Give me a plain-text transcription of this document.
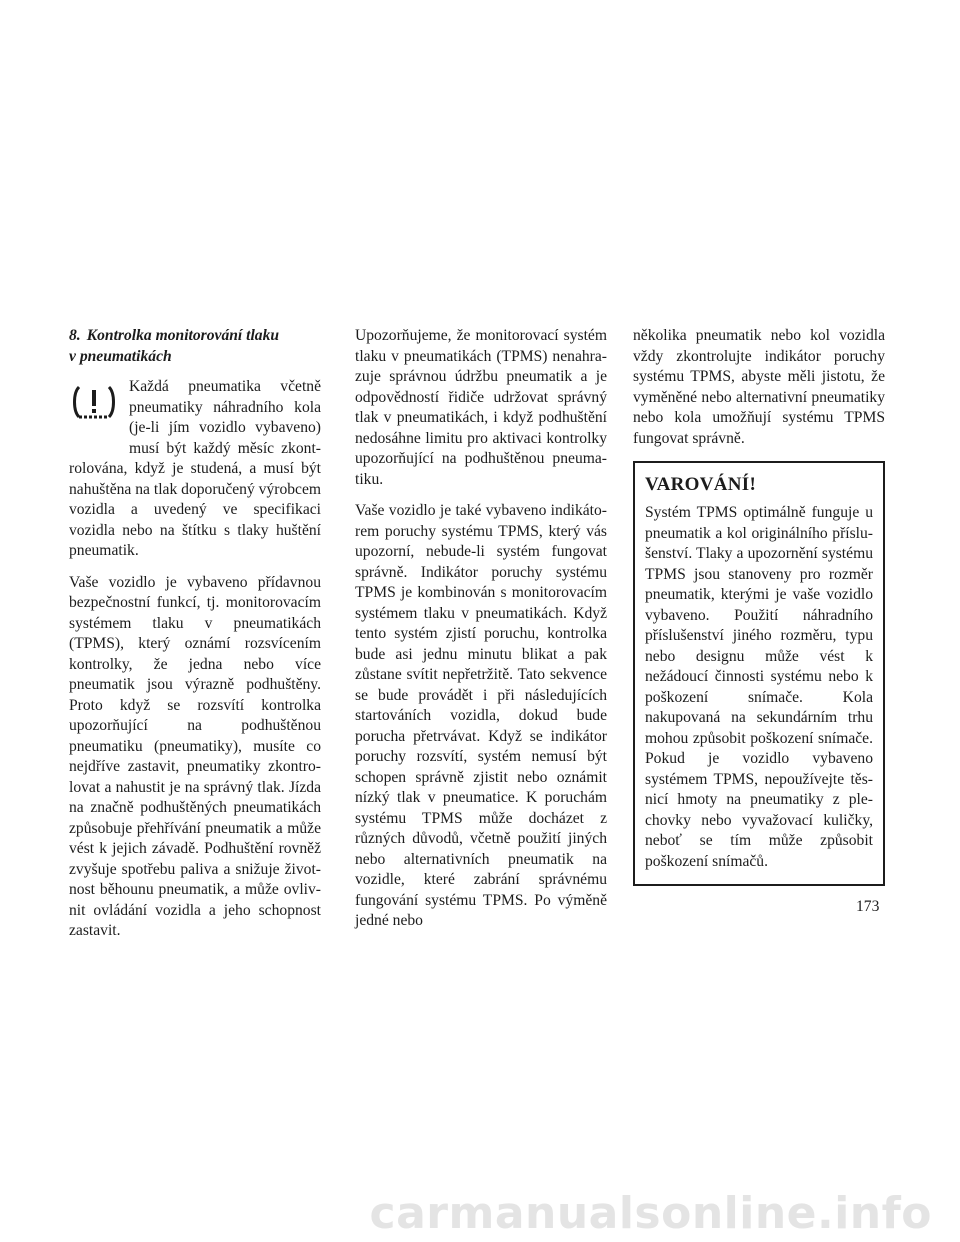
8. Kontrolka monitorování tlaku
v pneumatikách

Každá pneumatika včetně pneumatiky náhradního kola (je-li jím vozidlo vybaveno) musí být každý měsíc zkontrolována, když je studená, a musí být nahuštěna na tlak doporučený výrobcem vozidla a uvedený ve specifikaci vozidla nebo na štítku s tlaky huštění pneumatik.

Vaše vozidlo je vybaveno přídavnou bezpečnostní funkcí, tj. monitorovacím systémem tlaku v pneumatikách (TPMS), který oznámí rozsvícením kontrolky, že jedna nebo více pneumatik jsou výrazně podhuštěny. Proto když se rozsvítí kontrolka upozorňující na podhuštěnou pneumatiku (pneumatiky), musíte co nejdříve zastavit, pneumatiky zkontrolovat a nahustit je na správný tlak. Jízda na značně podhuštěných pneumatikách způsobuje přehřívání pneumatik a může vést k jejich závadě. Podhuštění rovněž zvyšuje spotřebu paliva a snižuje životnost běhounu pneumatik, a může ovlivnit ovládání vozidla a jeho schopnost zastavit.

Upozorňujeme, že monitorovací systém tlaku v pneumatikách (TPMS) nenahrazuje správnou údržbu pneumatik a je odpovědností řidiče udržovat správný tlak v pneumatikách, i když podhuštění nedosáhne limitu pro aktivaci kontrolky upozorňující na podhuštěnou pneumatiku.

Vaše vozidlo je také vybaveno indikátorem poruchy systému TPMS, který vás upozorní, nebude-li systém fungovat správně. Indikátor poruchy systému TPMS je kombinován s monitorovacím systémem tlaku v pneumatikách. Když tento systém zjistí poruchu, kontrolka bude asi jednu minutu blikat a pak zůstane svítit nepřetržitě. Tato sekvence se bude provádět i při následujících startováních vozidla, dokud bude porucha přetrvávat. Když se indikátor poruchy rozsvítí, systém nemusí být schopen správně zjistit nebo oznámit nízký tlak v pneumatice. K poruchám systému TPMS může docházet z různých důvodů, včetně použití jiných nebo alternativních pneumatik na vozidle, které zabrání správnému fungování systému TPMS. Po výměně jedné nebo

několika pneumatik nebo kol vozidla vždy zkontrolujte indikátor poruchy systému TPMS, abyste měli jistotu, že vyměněné nebo alternativní pneumatiky nebo kola umožňují systému TPMS fungovat správně.

VAROVÁNÍ!

Systém TPMS optimálně funguje u pneumatik a kol originálního příslušenství. Tlaky a upozornění systému TPMS jsou stanoveny pro rozměr pneumatik, kterými je vaše vozidlo vybaveno. Použití náhradního příslušenství jiného rozměru, typu nebo designu může vést k nežádoucí činnosti systému nebo k poškození snímače. Kola nakupovaná na sekundárním trhu mohou způsobit poškození snímače. Pokud je vozidlo vybaveno systémem TPMS, nepoužívejte těsnicí hmoty na pneumatiky z plechovky nebo vyvažovací kuličky, neboť se tím může způsobit poškození snímačů.

173
carmanualsonline.info
